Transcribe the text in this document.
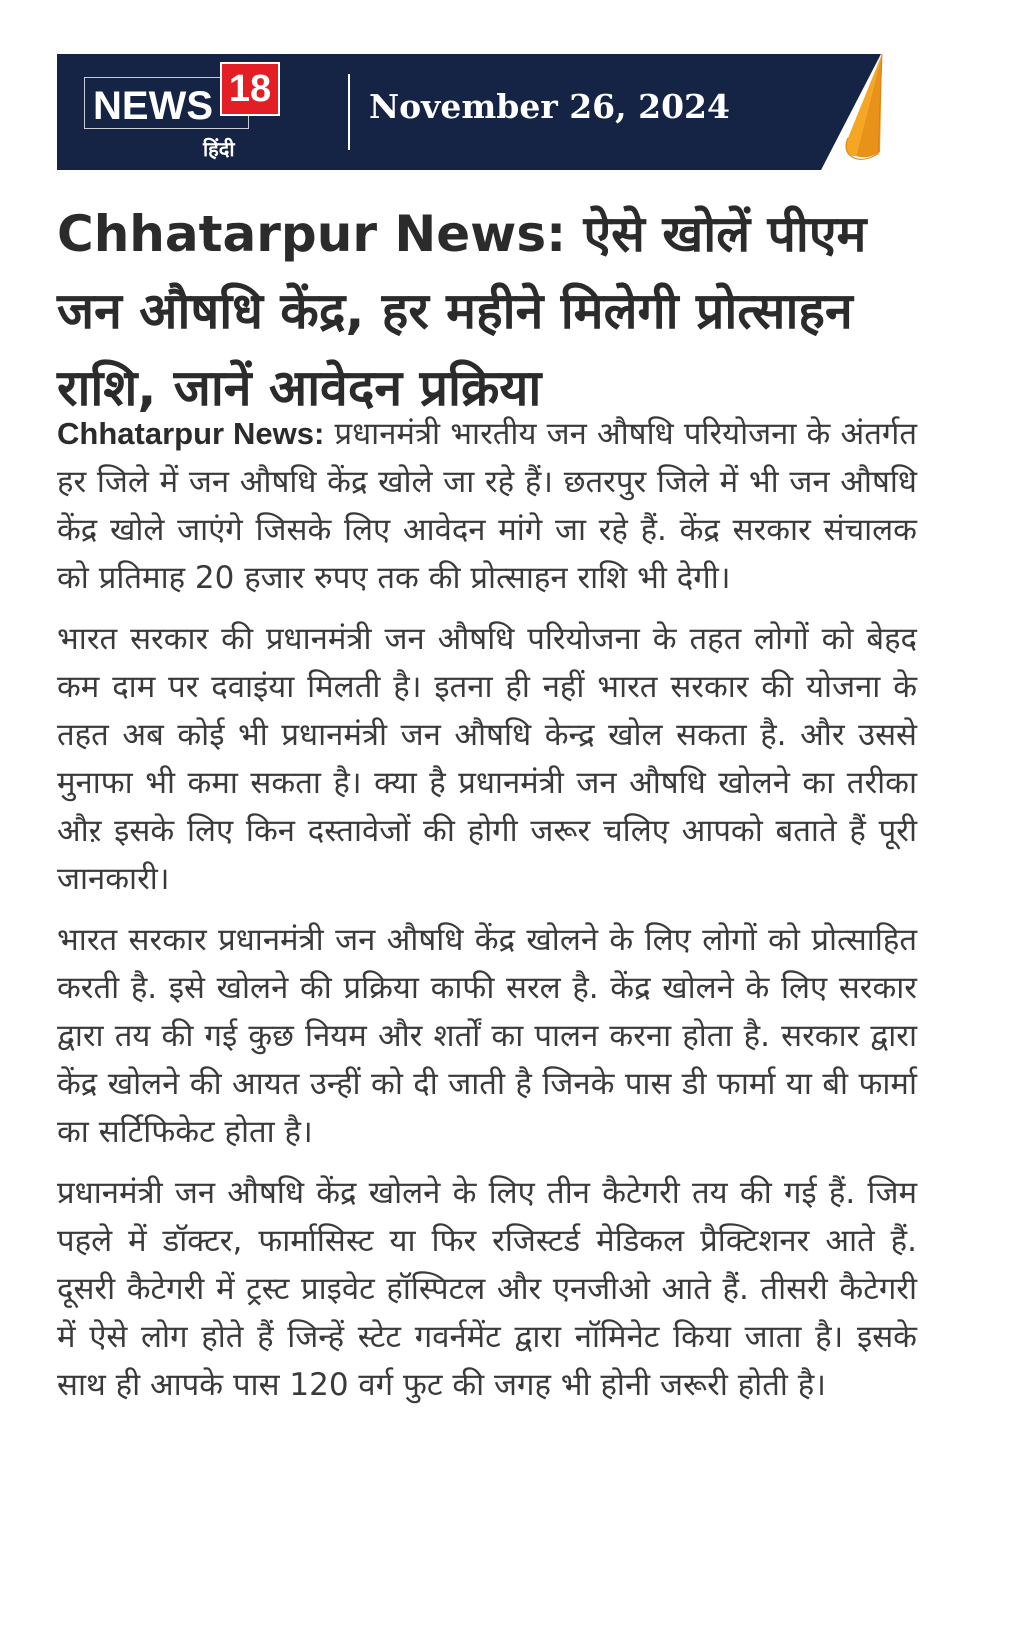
NEWS 18
हिंदी
November 26, 2024
Chhatarpur News: ऐसे खोलें पीएम जन औषधि केंद्र, हर महीने मिलेगी प्रोत्साहन राशि, जानें आवेदन प्रक्रिया

Chhatarpur News: प्रधानमंत्री भारतीय जन औषधि परियोजना के अंतर्गत हर जिले में जन औषधि केंद्र खोले जा रहे हैं। छतरपुर जिले में भी जन औषधि केंद्र खोले जाएंगे जिसके लिए आवेदन मांगे जा रहे हैं. केंद्र सरकार संचालक को प्रतिमाह 20 हजार रुपए तक की प्रोत्साहन राशि भी देगी।

भारत सरकार की प्रधानमंत्री जन औषधि परियोजना के तहत लोगों को बेहद कम दाम पर दवाइंया मिलती है। इतना ही नहीं भारत सरकार की योजना के तहत अब कोई भी प्रधानमंत्री जन औषधि केन्द्र खोल सकता है. और उससे मुनाफा भी कमा सकता है। क्या है प्रधानमंत्री जन औषधि खोलने का तरीका औऱ इसके लिए किन दस्तावेजों की होगी जरूर चलिए आपको बताते हैं पूरी जानकारी।

भारत सरकार प्रधानमंत्री जन औषधि केंद्र खोलने के लिए लोगों को प्रोत्साहित करती है. इसे खोलने की प्रक्रिया काफी सरल है. केंद्र खोलने के लिए सरकार द्वारा तय की गई कुछ नियम और शर्तों का पालन करना होता है. सरकार द्वारा केंद्र खोलने की आयत उन्हीं को दी जाती है जिनके पास डी फार्मा या बी फार्मा का सर्टिफिकेट होता है।

प्रधानमंत्री जन औषधि केंद्र खोलने के लिए तीन कैटेगरी तय की गई हैं. जिम पहले में डॉक्टर, फार्मासिस्ट या फिर रजिस्टर्ड मेडिकल प्रैक्टिशनर आते हैं. दूसरी कैटेगरी में ट्रस्ट प्राइवेट हॉस्पिटल और एनजीओ आते हैं. तीसरी कैटेगरी में ऐसे लोग होते हैं जिन्हें स्टेट गवर्नमेंट द्वारा नॉमिनेट किया जाता है। इसके साथ ही आपके पास 120 वर्ग फुट की जगह भी होनी जरूरी होती है।
